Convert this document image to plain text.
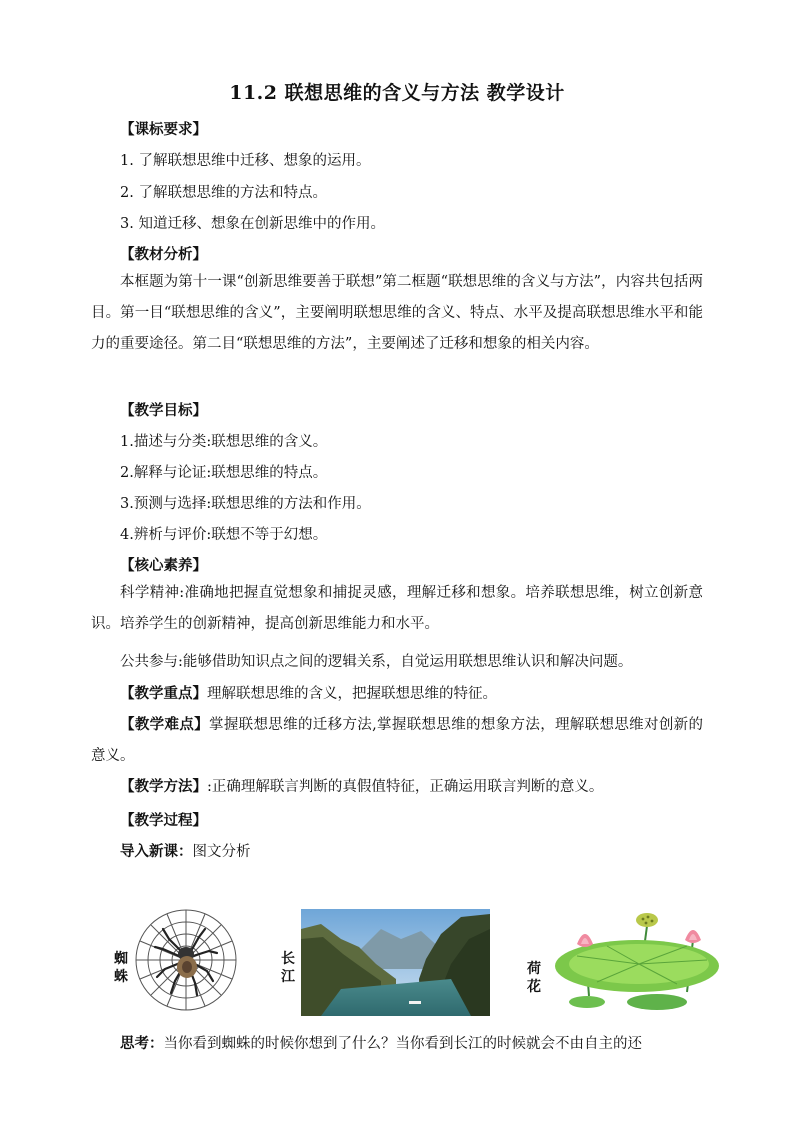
11.2 联想思维的含义与方法 教学设计
【课标要求】
1. 了解联想思维中迁移、想象的运用。
2. 了解联想思维的方法和特点。
3. 知道迁移、想象在创新思维中的作用。
【教材分析】
本框题为第十一课“创新思维要善于联想”第二框题“联想思维的含义与方法”，内容共包括两目。第一目“联想思维的含义”，主要阐明联想思维的含义、特点、水平及提高联想思维水平和能力的重要途径。第二目“联想思维的方法”，主要阐述了迁移和想象的相关内容。
【教学目标】
1.描述与分类:联想思维的含义。
2.解释与论证:联想思维的特点。
3.预测与选择:联想思维的方法和作用。
4.辨析与评价:联想不等于幻想。
【核心素养】
科学精神:准确地把握直觉想象和捕捉灵感，理解迁移和想象。培养联想思维，树立创新意识。培养学生的创新精神，提高创新思维能力和水平。
公共参与:能够借助知识点之间的逻辑关系，自觉运用联想思维认识和解决问题。
【教学重点】理解联想思维的含义，把握联想思维的特征。
【教学难点】掌握联想思维的迁移方法,掌握联想思维的想象方法，理解联想思维对创新的意义。
【教学方法】:正确理解联言判断的真假值特征，正确运用联言判断的意义。
【教学过程】
导入新课：图文分析
蜘蛛
长江	荷花
思考：当你看到蜘蛛的时候你想到了什么？当你看到长江的时候就会不由自主的还
